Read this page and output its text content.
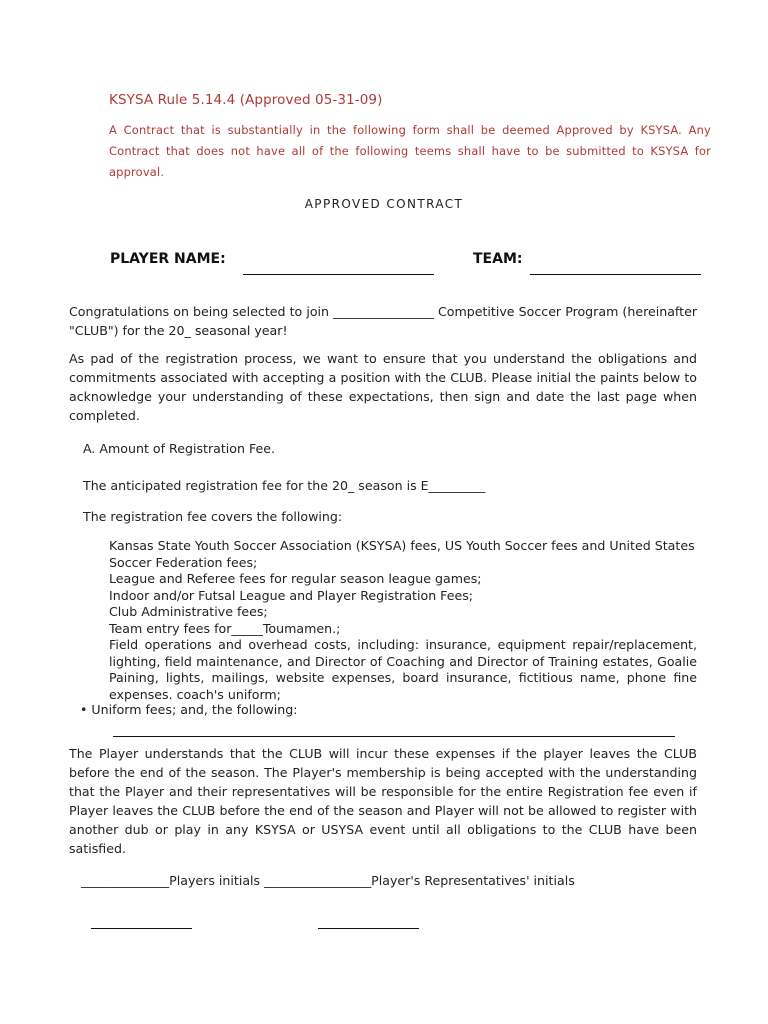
KSYSA Rule 5.14.4 (Approved 05-31-09)
A Contract that is substantially in the following form shall be deemed Approved by KSYSA. Any Contract that does not have all of the following teems shall have to be submitted to KSYSA for approval.
APPROVED CONTRACT
PLAYER NAME:	TEAM:
Congratulations on being selected to join ________________ Competitive Soccer Program (hereinafter "CLUB") for the 20_ seasonal year!
As pad of the registration process, we want to ensure that you understand the obligations and commitments associated with accepting a position with the CLUB. Please initial the paints below to acknowledge your understanding of these expectations, then sign and date the last page when completed.
A. Amount of Registration Fee.
The anticipated registration fee for the 20_ season is E_________
The registration fee covers the following:
Kansas State Youth Soccer Association (KSYSA) fees, US Youth Soccer fees and United States Soccer Federation fees;
League and Referee fees for regular season league games;
Indoor and/or Futsal League and Player Registration Fees;
Club Administrative fees;
Team entry fees for_____Toumamen.;
Field operations and overhead costs, including: insurance, equipment repair/replacement, lighting, field maintenance, and Director of Coaching and Director of Training estates, Goalie Paining, lights, mailings, website expenses, board insurance, fictitious name, phone fine expenses. coach's uniform;
• Uniform fees; and, the following:
The Player understands that the CLUB will incur these expenses if the player leaves the CLUB before the end of the season. The Player's membership is being accepted with the understanding that the Player and their representatives will be responsible for the entire Registration fee even if Player leaves the CLUB before the end of the season and Player will not be allowed to register with another dub or play in any KSYSA or USYSA event until all obligations to the CLUB have been satisfied.
______________Players initials _________________Player's Representatives' initials
